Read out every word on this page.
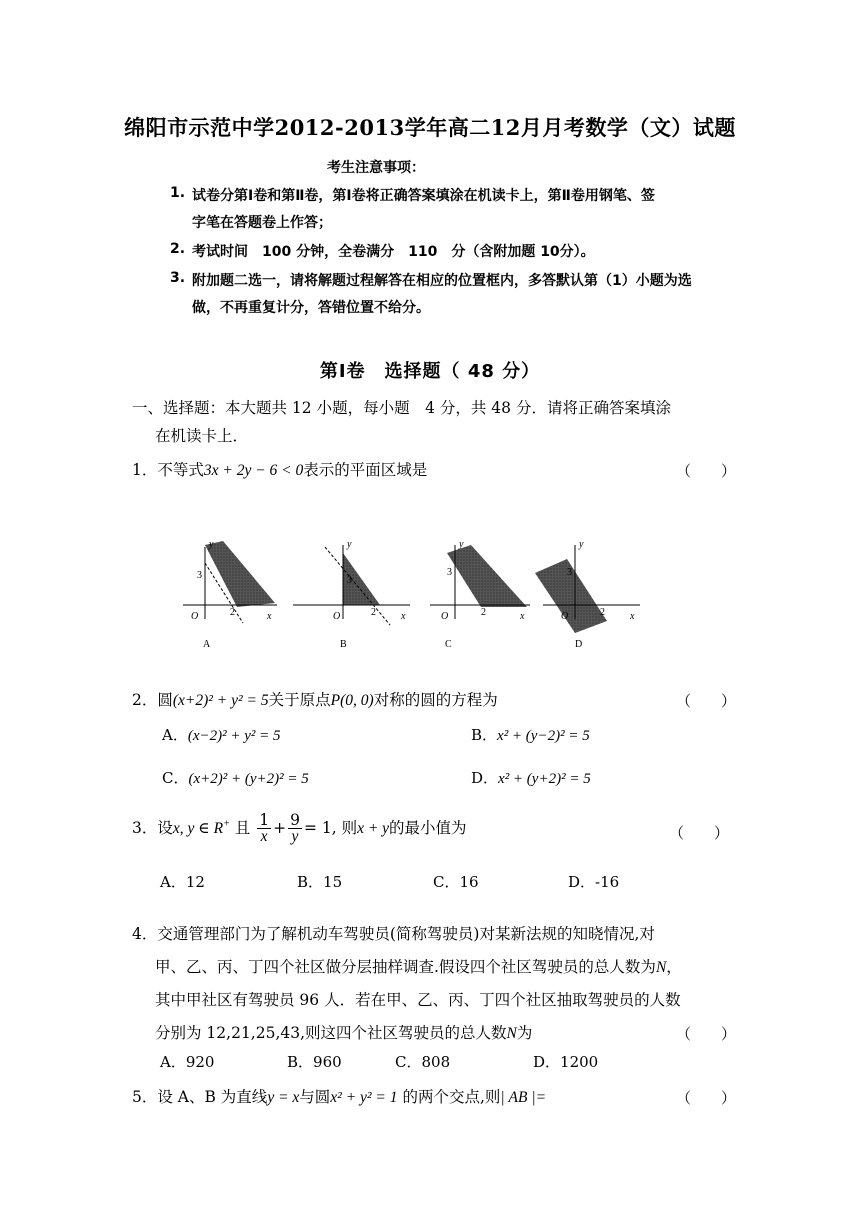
绵阳市示范中学2012-2013学年高二12月月考数学（文）试题
考生注意事项：
1. 试卷分第Ⅰ卷和第Ⅱ卷，第Ⅰ卷将正确答案填涂在机读卡上，第Ⅱ卷用钢笔、签
字笔在答题卷上作答；
2. 考试时间　100 分钟，全卷满分　110　分（含附加题 10分）。
3. 附加题二选一，请将解题过程解答在相应的位置框内，多答默认第（1）小题为选
做，不再重复计分，答错位置不给分。
第Ⅰ卷　选择题（ 48 分）
一、选择题：本大题共 12 小题，每小题　4 分，共 48 分．请将正确答案填涂
在机读卡上．
1．不等式3x + 2y − 6 < 0表示的平面区域是	（　　）
3
2
O	x
y
A
3
2
O	x
y
B
3
2
O	x
y
C
3
2
O	x
y
D
2．圆(x+2)² + y² = 5关于原点P(0, 0)对称的圆的方程为	（　　）
A．(x−2)² + y² = 5	B．x² + (y−2)² = 5
C．(x+2)² + (y+2)² = 5	D．x² + (y+2)² = 5
3．设x, y ∈ R+ 且 $\frac{1}{x} + \frac{9}{y} = 1$, 则x + y的最小值为	（　　）
A．12	B．15	C．16	D．-16
4．交通管理部门为了解机动车驾驶员(简称驾驶员)对某新法规的知晓情况,对
甲、乙、丙、丁四个社区做分层抽样调查.假设四个社区驾驶员的总人数为N，
其中甲社区有驾驶员 96 人．若在甲、乙、丙、丁四个社区抽取驾驶员的人数
分别为 12,21,25,43,则这四个社区驾驶员的总人数N为	（　　）
A．920	B．960	C．808	D．1200
5．设 A、B 为直线y = x与圆x² + y² = 1 的两个交点,则| AB |=	（　　）
